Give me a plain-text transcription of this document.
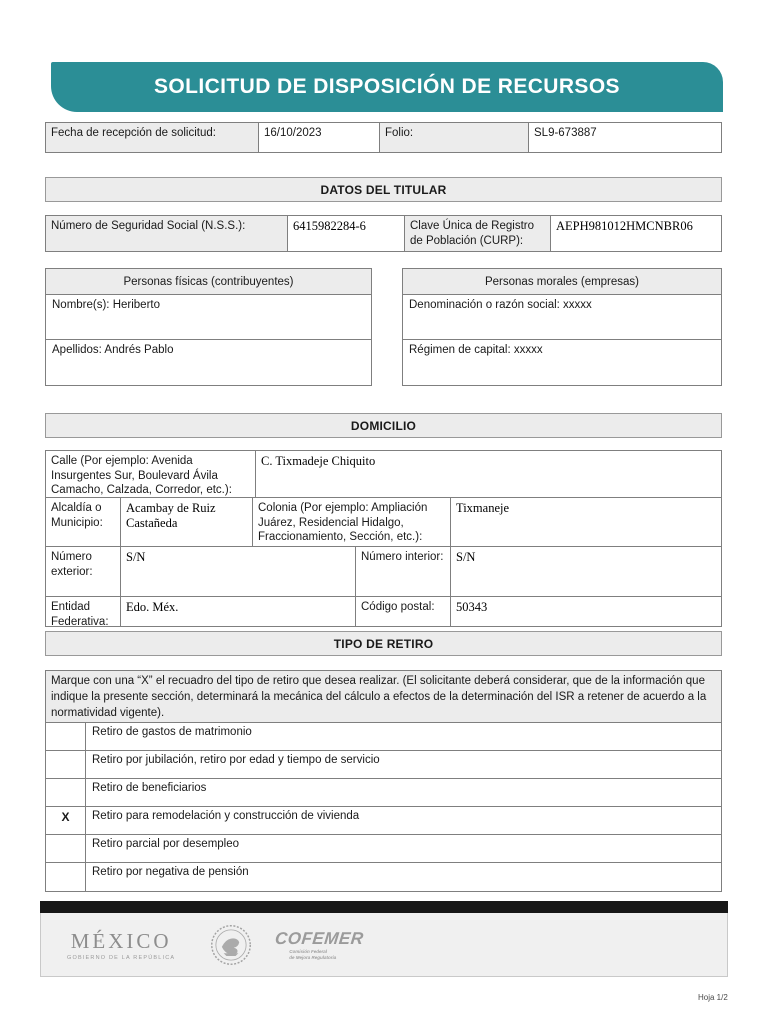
SOLICITUD DE DISPOSICIÓN DE RECURSOS
Fecha de recepción de solicitud:	16/10/2023	Folio:	SL9-673887
DATOS DEL TITULAR
Número de Seguridad Social (N.S.S.):	6415982284-6	Clave Única de Registro de Población (CURP):
AEPH981012HMCNBR06
Personas físicas (contribuyentes)
Nombre(s): Heriberto
Apellidos: Andrés Pablo
Personas morales (empresas)
Denominación o razón social: xxxxx
Régimen de capital: xxxxx
DOMICILIO
Calle (Por ejemplo: Avenida Insurgentes Sur, Boulevard Ávila Camacho, Calzada, Corredor, etc.):
C. Tixmadeje Chiquito
Alcaldía o Municipio:
Acambay de Ruiz Castañeda
Colonia (Por ejemplo: Ampliación Juárez, Residencial Hidalgo, Fraccionamiento, Sección, etc.):
Tixmaneje
Número exterior:
S/N	Número interior:	S/N
Entidad Federativa:
Edo. Méx.	Código postal:	50343
TIPO DE RETIRO
Marque con una “X” el recuadro del tipo de retiro que desea realizar. (El solicitante deberá considerar, que de la información que indique la presente sección, determinará la mecánica del cálculo a efectos de la determinación del ISR a retener de acuerdo a la normatividad vigente).
Retiro de gastos de matrimonio
Retiro por jubilación, retiro por edad y tiempo de servicio
Retiro de beneficiarios
X	Retiro para remodelación y construcción de vivienda
Retiro parcial por desempleo
Retiro por negativa de pensión
MÉXICO
GOBIERNO DE LA REPÚBLICA
COFEMER
Comisión Federal
de Mejora Regulatoria
Hoja 1/2
